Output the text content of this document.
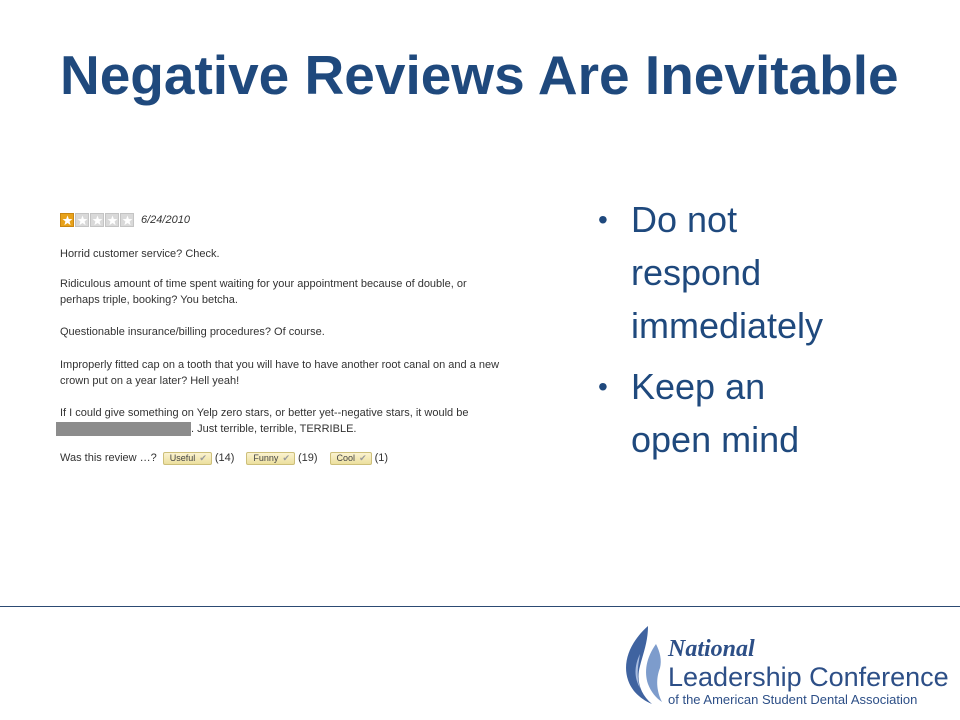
Negative Reviews Are Inevitable
6/24/2010
Horrid customer service? Check.
Ridiculous amount of time spent waiting for your appointment because of double, or
perhaps triple, booking? You betcha.
Questionable insurance/billing procedures? Of course.
Improperly fitted cap on a tooth that you will have to have another root canal on and a new
crown put on a year later? Hell yeah!
If I could give something on Yelp zero stars, or better yet--negative stars, it would be
. Just terrible, terrible, TERRIBLE.
Was this review …? Useful ✔ (14) Funny ✔ (19) Cool ✔ (1)
• Do not
respond
immediately
• Keep an
open mind
National
Leadership Conference
of the American Student Dental Association
